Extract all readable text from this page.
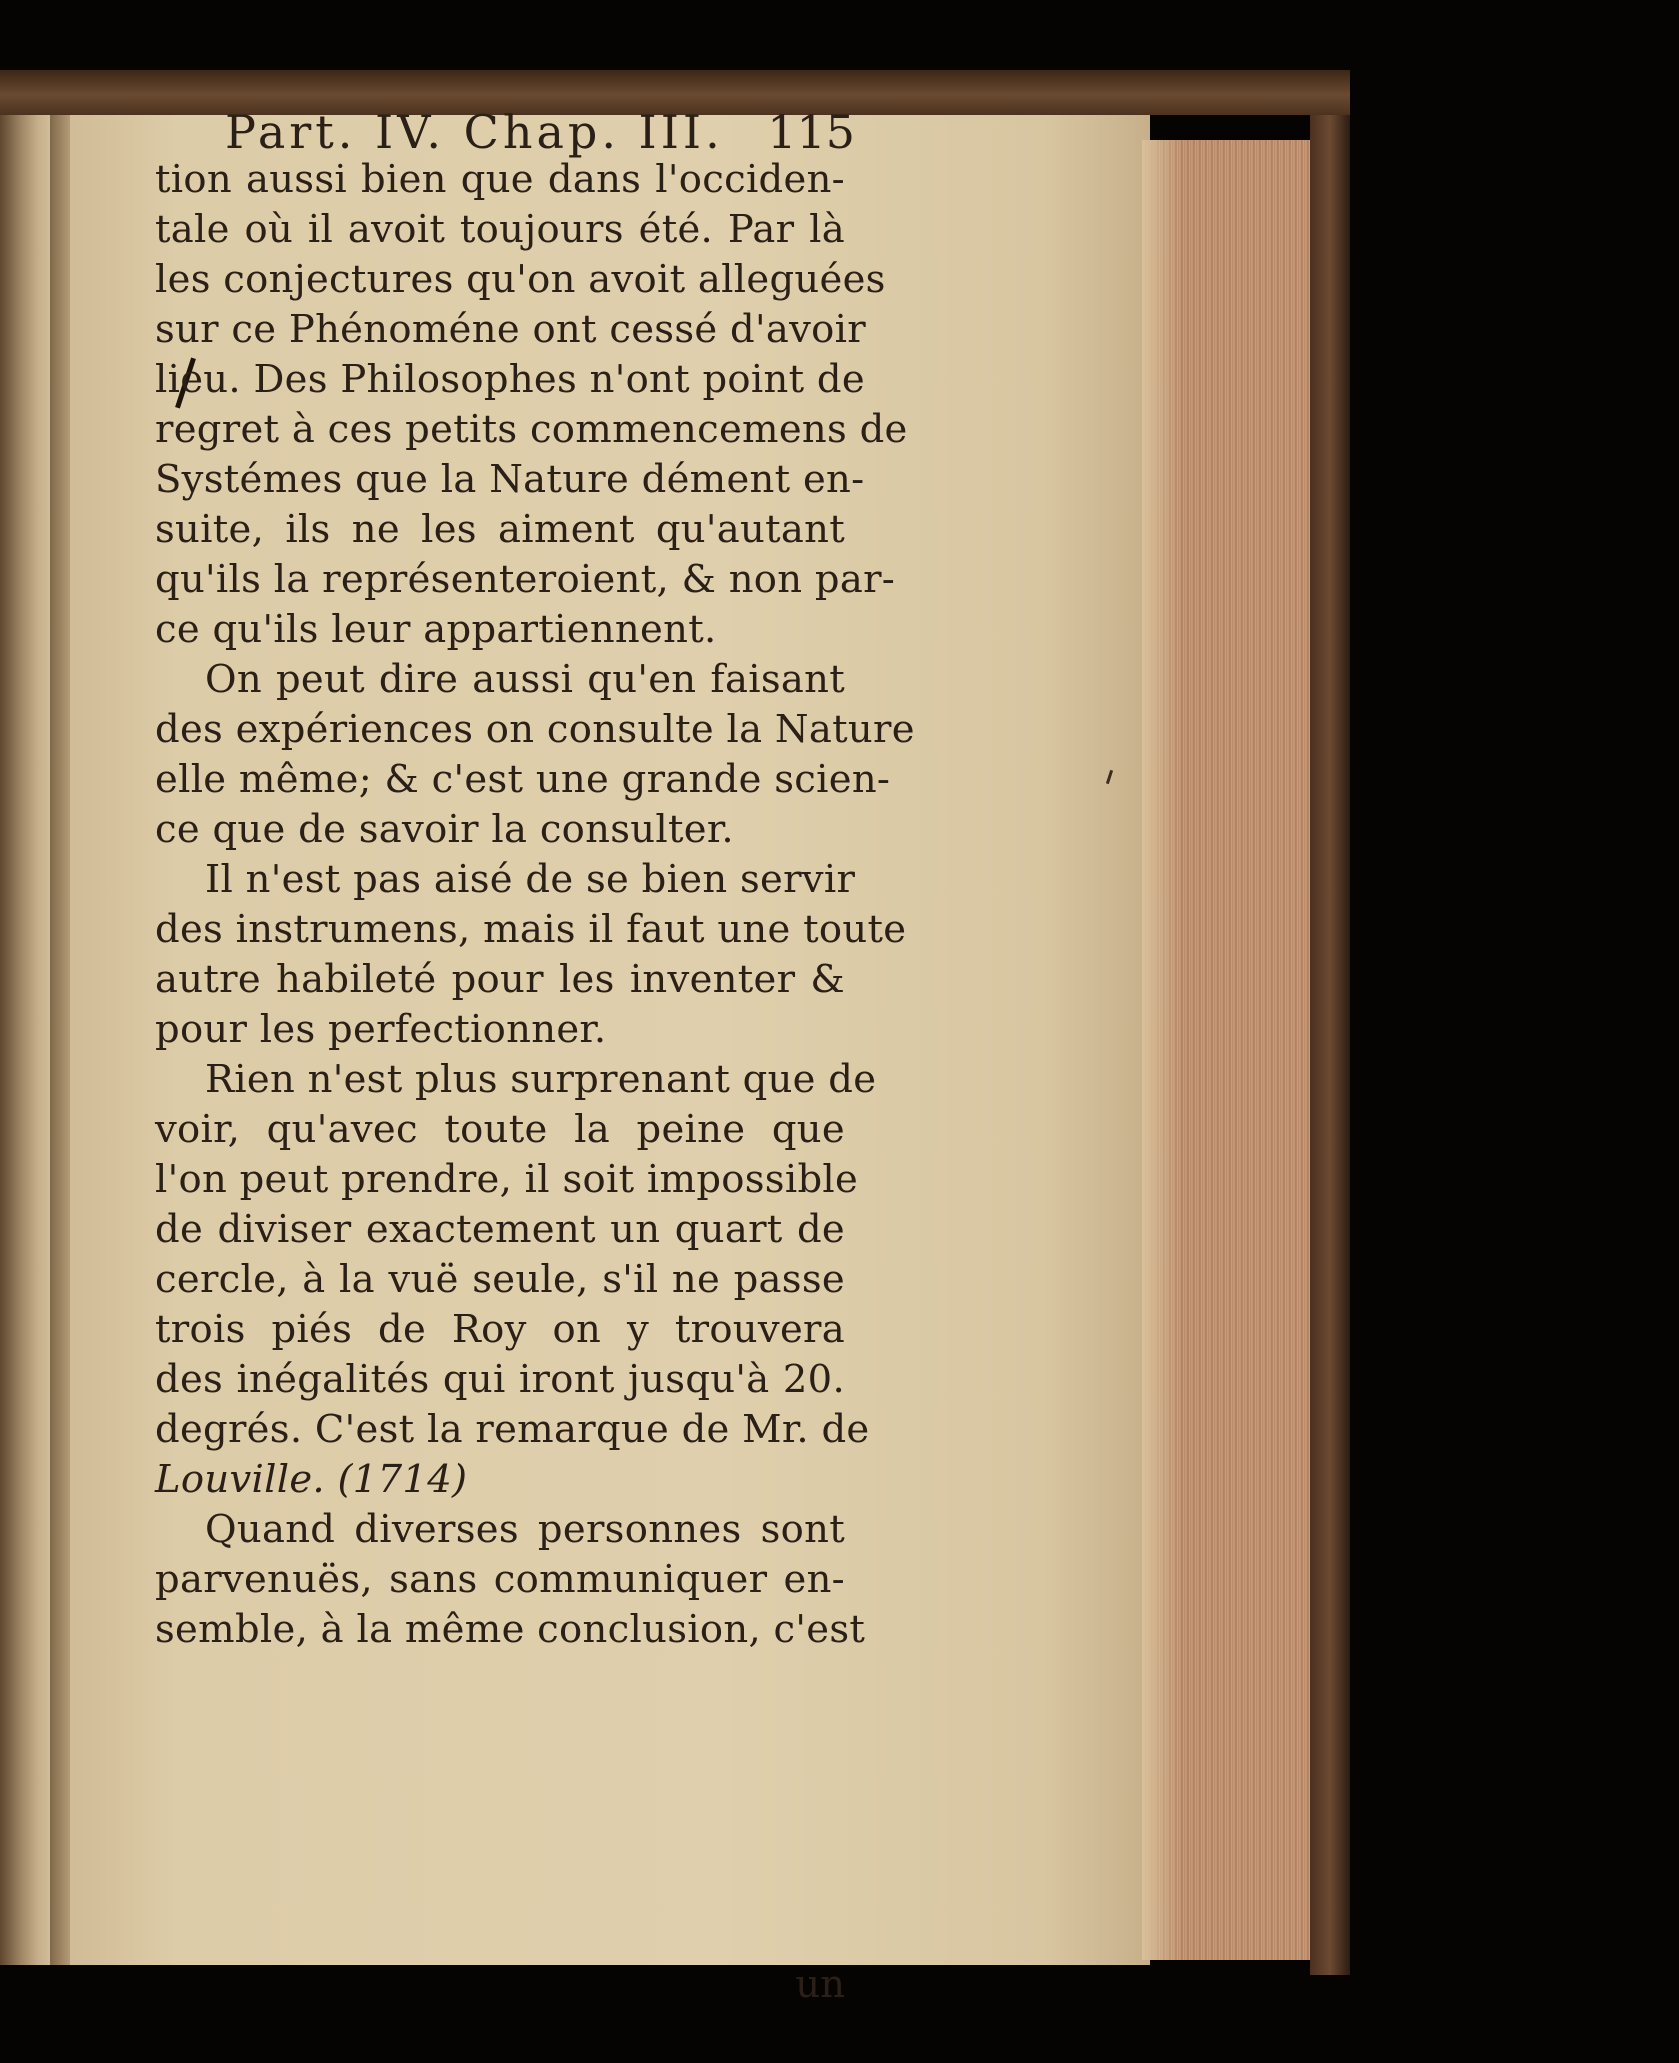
Part. IV. Chap. III. 115
tion aussi bien que dans l'occiden-
tale où il avoit toujours été. Par là
les conjectures qu'on avoit alleguées
sur ce Phénoméne ont cessé d'avoir
lieu. Des Philosophes n'ont point de
regret à ces petits commencemens de
Systémes que la Nature dément en-
suite, ils ne les aiment qu'autant
qu'ils la représenteroient, & non par-
ce qu'ils leur appartiennent.
On peut dire aussi qu'en faisant
des expériences on consulte la Nature
elle même; & c'est une grande scien-
ce que de savoir la consulter.
Il n'est pas aisé de se bien servir
des instrumens, mais il faut une toute
autre habileté pour les inventer &
pour les perfectionner.
Rien n'est plus surprenant que de
voir, qu'avec toute la peine que
l'on peut prendre, il soit impossible
de diviser exactement un quart de
cercle, à la vuë seule, s'il ne passe
trois piés de Roy on y trouvera
des inégalités qui iront jusqu'à 20.
degrés. C'est la remarque de Mr. de
Louville. (1714)
Quand diverses personnes sont
parvenuës, sans communiquer en-
semble, à la même conclusion, c'est
un
